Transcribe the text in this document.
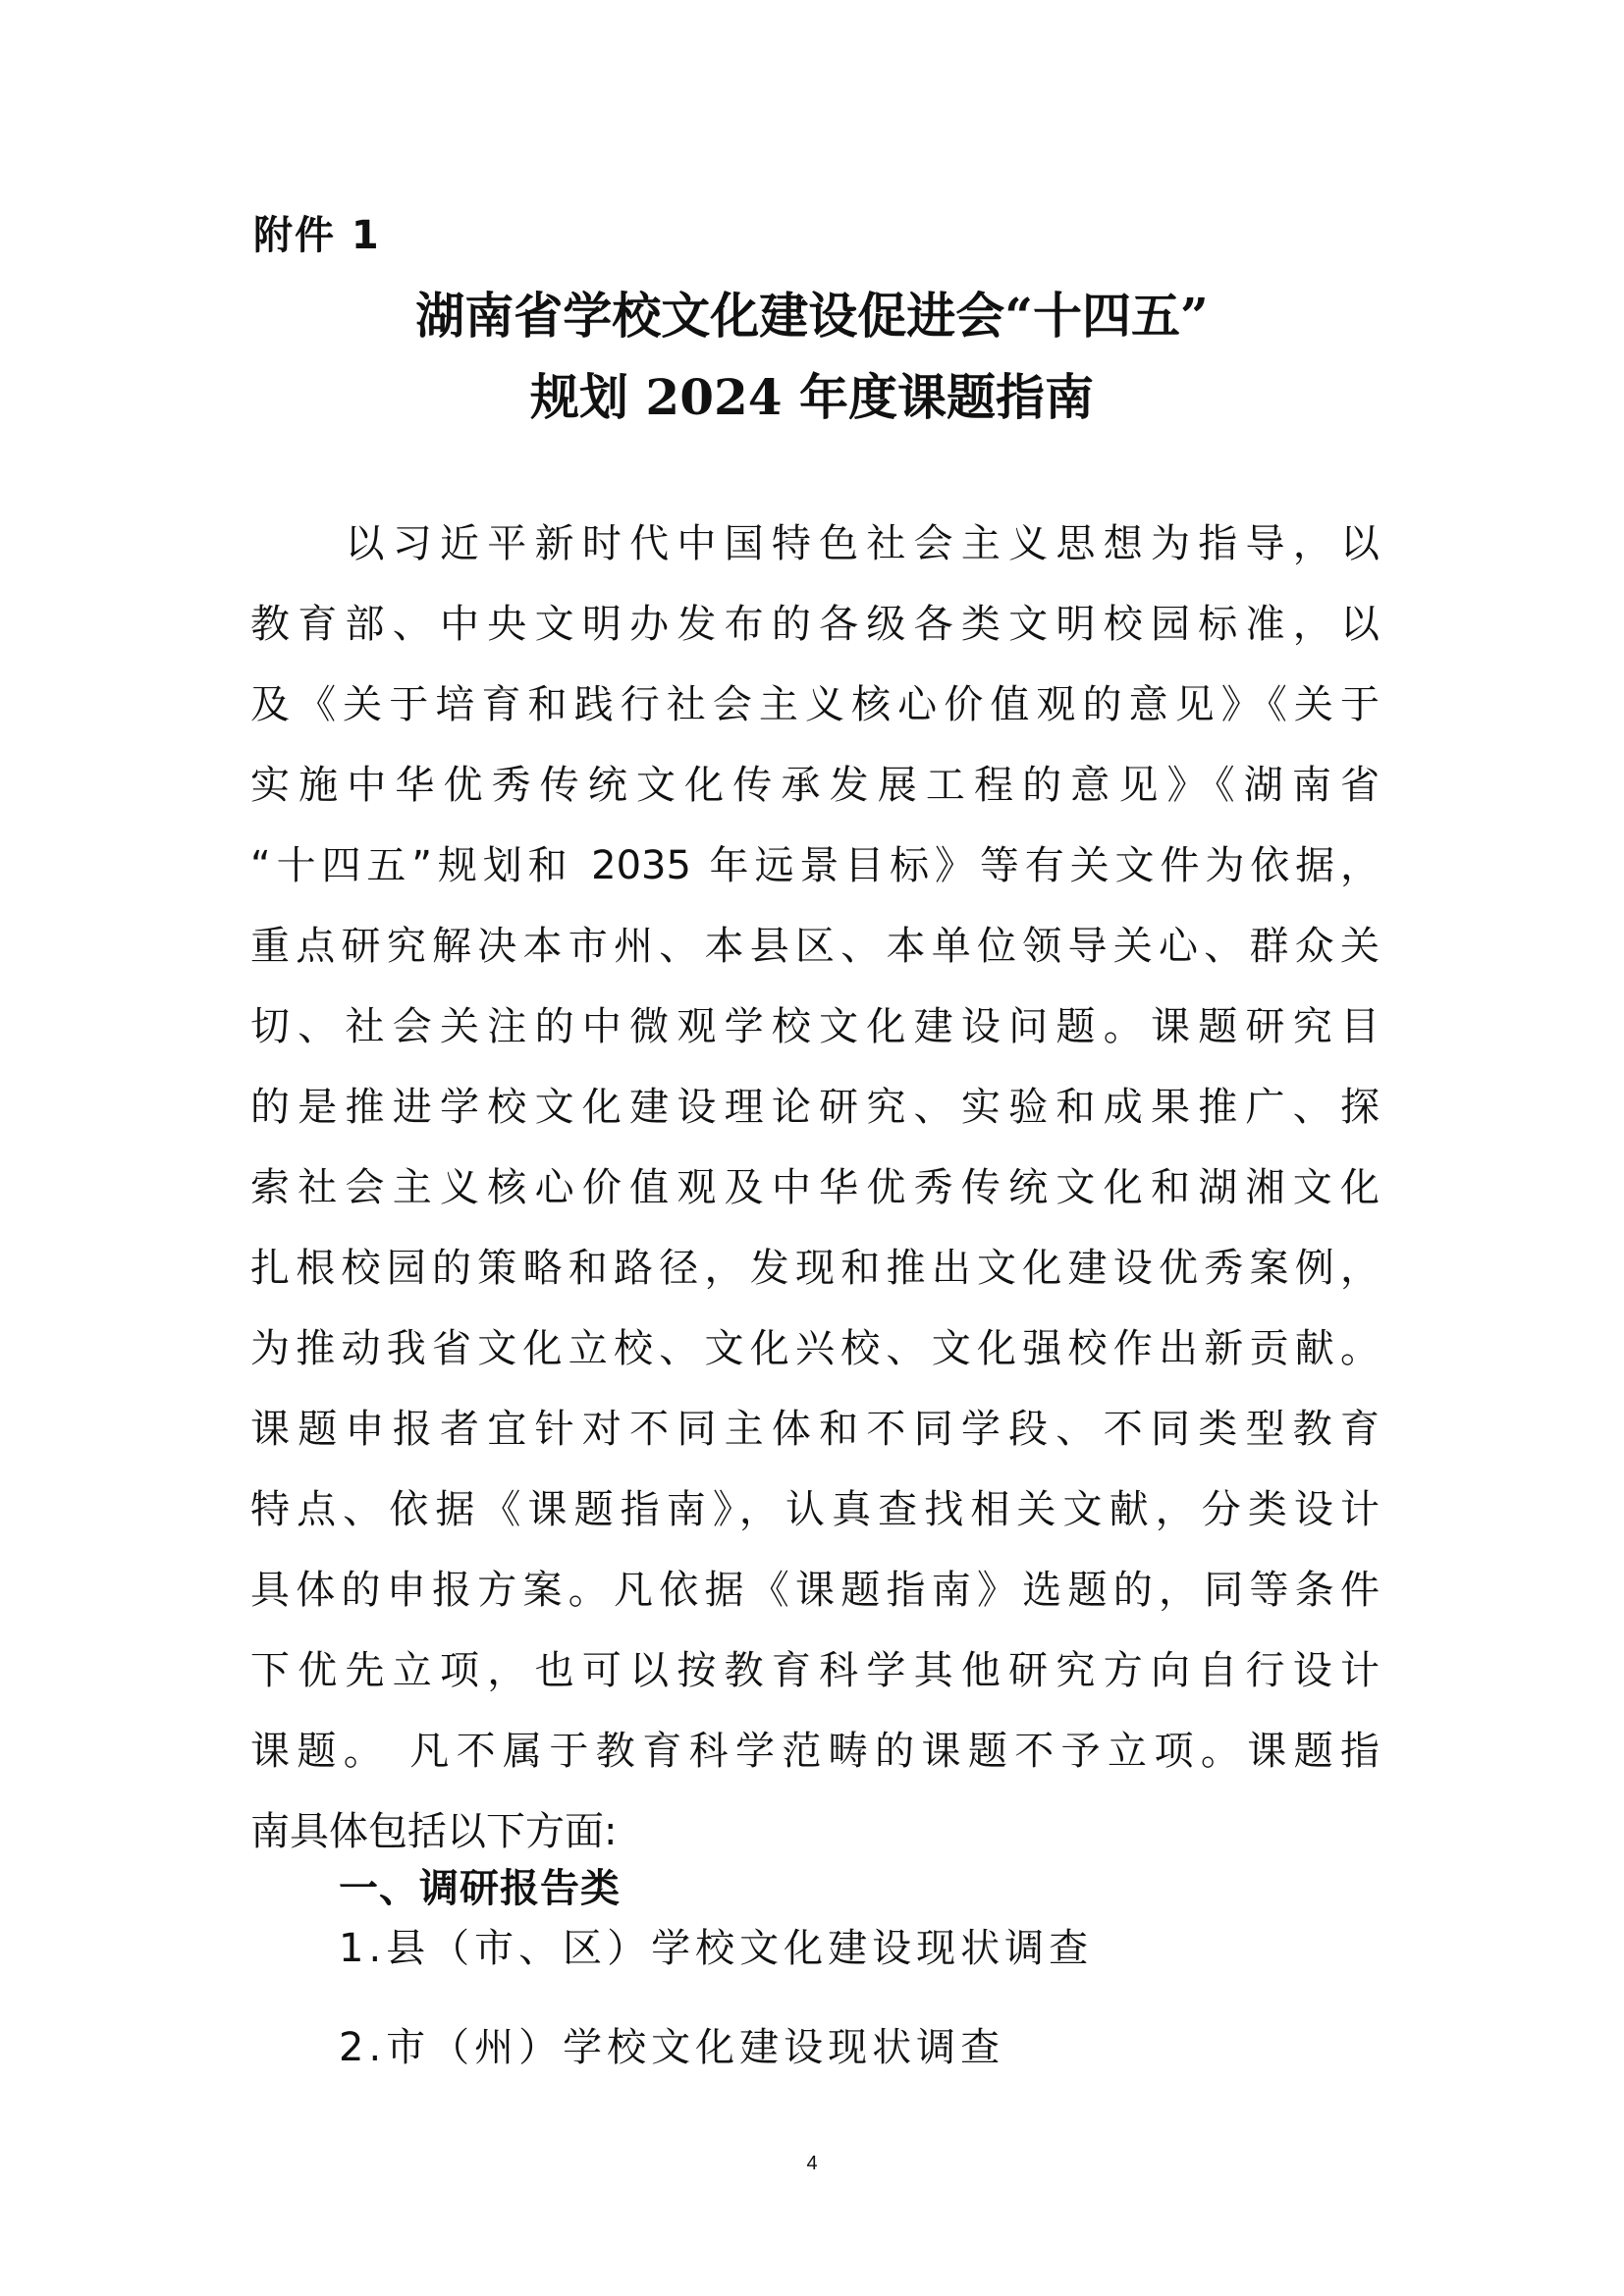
附件 1
湖南省学校文化建设促进会“十四五”
规划 2024 年度课题指南
　　以习近平新时代中国特色社会主义思想为指导，以
教育部、中央文明办发布的各级各类文明校园标准，以
及《关于培育和践行社会主义核心价值观的意见》《关于
实施中华优秀传统文化传承发展工程的意见》《湖南省
“十四五”规划和 2035 年远景目标》等有关文件为依据，
重点研究解决本市州、本县区、本单位领导关心、群众关
切、社会关注的中微观学校文化建设问题。课题研究目
的是推进学校文化建设理论研究、实验和成果推广、探
索社会主义核心价值观及中华优秀传统文化和湖湘文化
扎根校园的策略和路径，发现和推出文化建设优秀案例，
为推动我省文化立校、文化兴校、文化强校作出新贡献。
课题申报者宜针对不同主体和不同学段、不同类型教育
特点、依据《课题指南》，认真查找相关文献，分类设计
具体的申报方案。凡依据《课题指南》选题的，同等条件
下优先立项，也可以按教育科学其他研究方向自行设计
课题。 凡不属于教育科学范畴的课题不予立项。课题指
南具体包括以下方面:
一、调研报告类
1.县（市、区）学校文化建设现状调查
2.市（州）学校文化建设现状调查
4
